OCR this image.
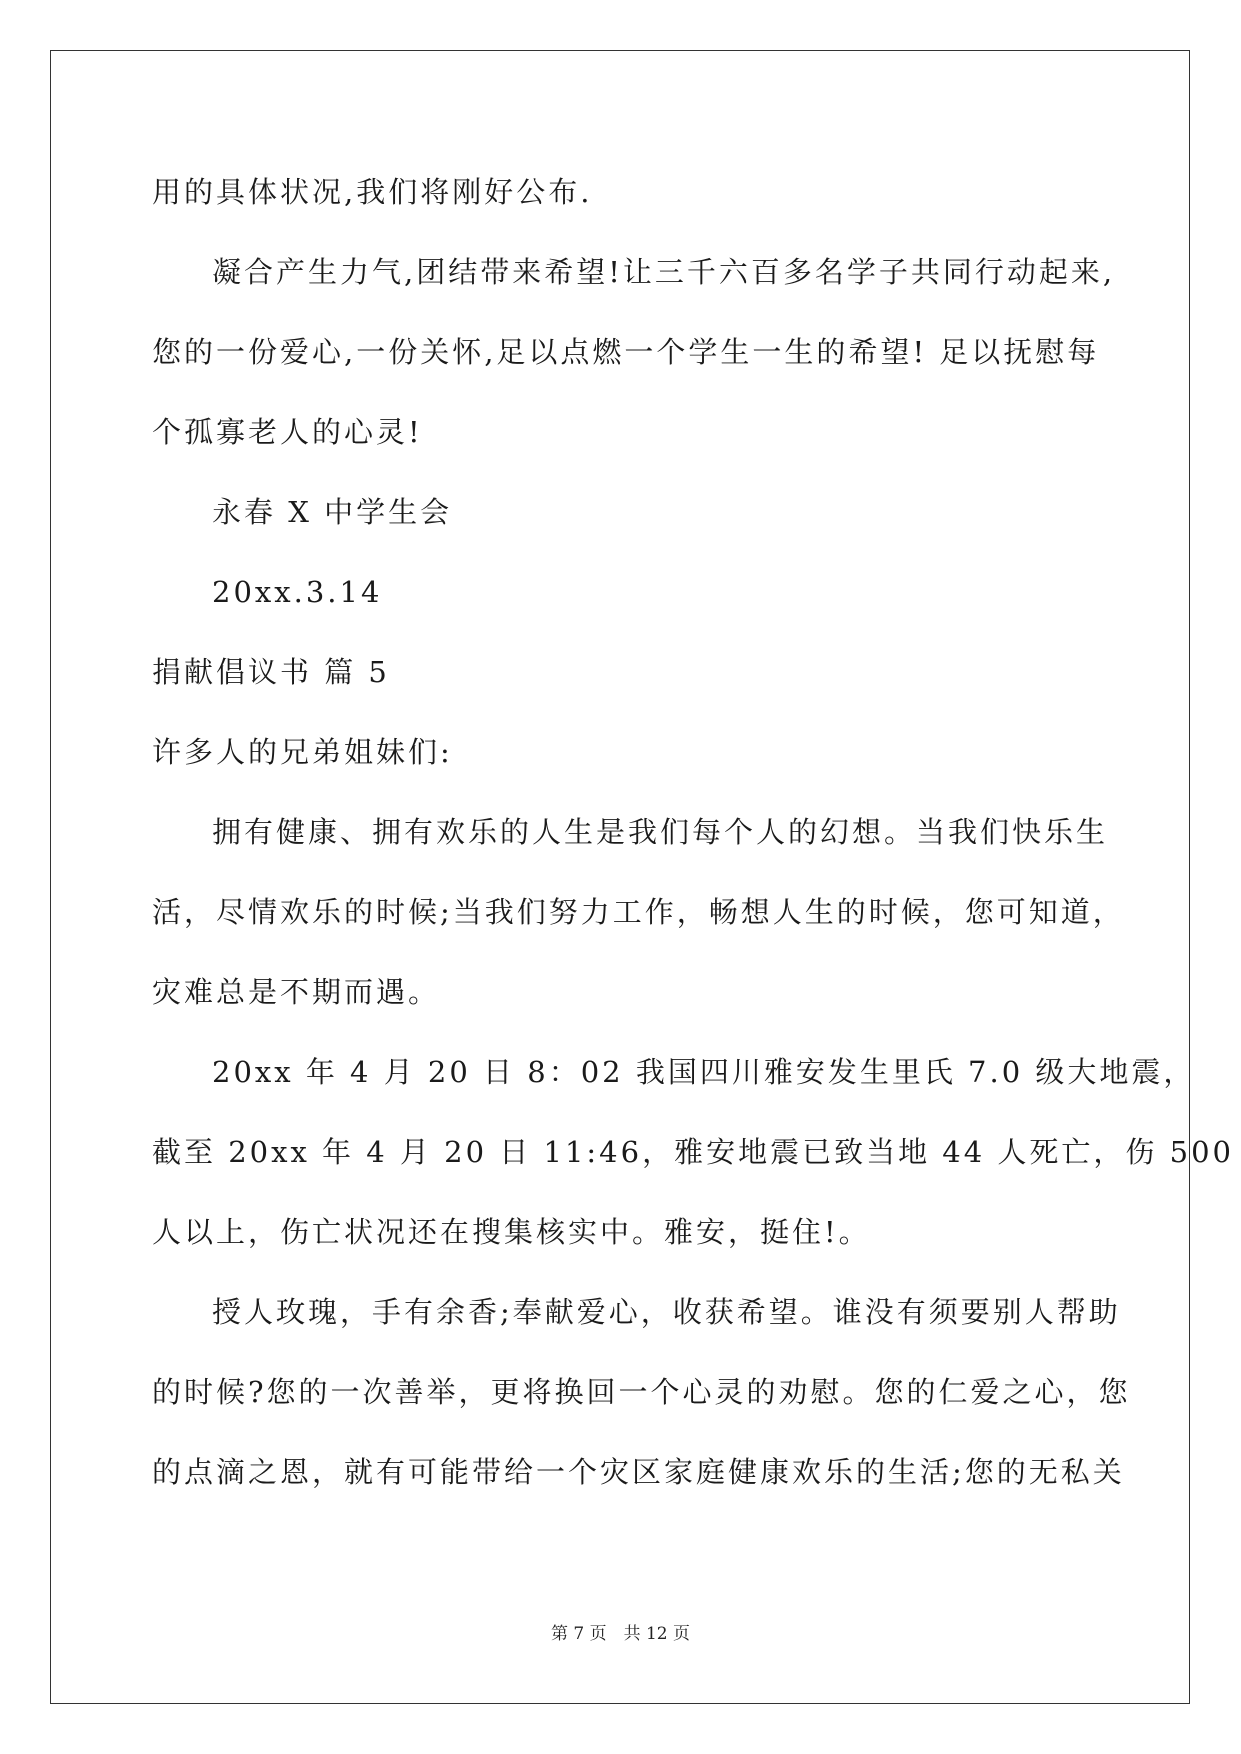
用的具体状况,我们将刚好公布.
凝合产生力气,团结带来希望!让三千六百多名学子共同行动起来,
您的一份爱心,一份关怀,足以点燃一个学生一生的希望! 足以抚慰每
个孤寡老人的心灵!
永春 X 中学生会
20xx.3.14
捐献倡议书 篇 5
许多人的兄弟姐妹们:
拥有健康、拥有欢乐的人生是我们每个人的幻想。当我们快乐生
活，尽情欢乐的时候;当我们努力工作，畅想人生的时候，您可知道，
灾难总是不期而遇。
20xx 年 4 月 20 日 8：02 我国四川雅安发生里氏 7.0 级大地震，
截至 20xx 年 4 月 20 日 11:46，雅安地震已致当地 44 人死亡，伤 500
人以上，伤亡状况还在搜集核实中。雅安，挺住!。
授人玫瑰，手有余香;奉献爱心，收获希望。谁没有须要别人帮助
的时候?您的一次善举，更将换回一个心灵的劝慰。您的仁爱之心，您
的点滴之恩，就有可能带给一个灾区家庭健康欢乐的生活;您的无私关
第 7 页　共 12 页
